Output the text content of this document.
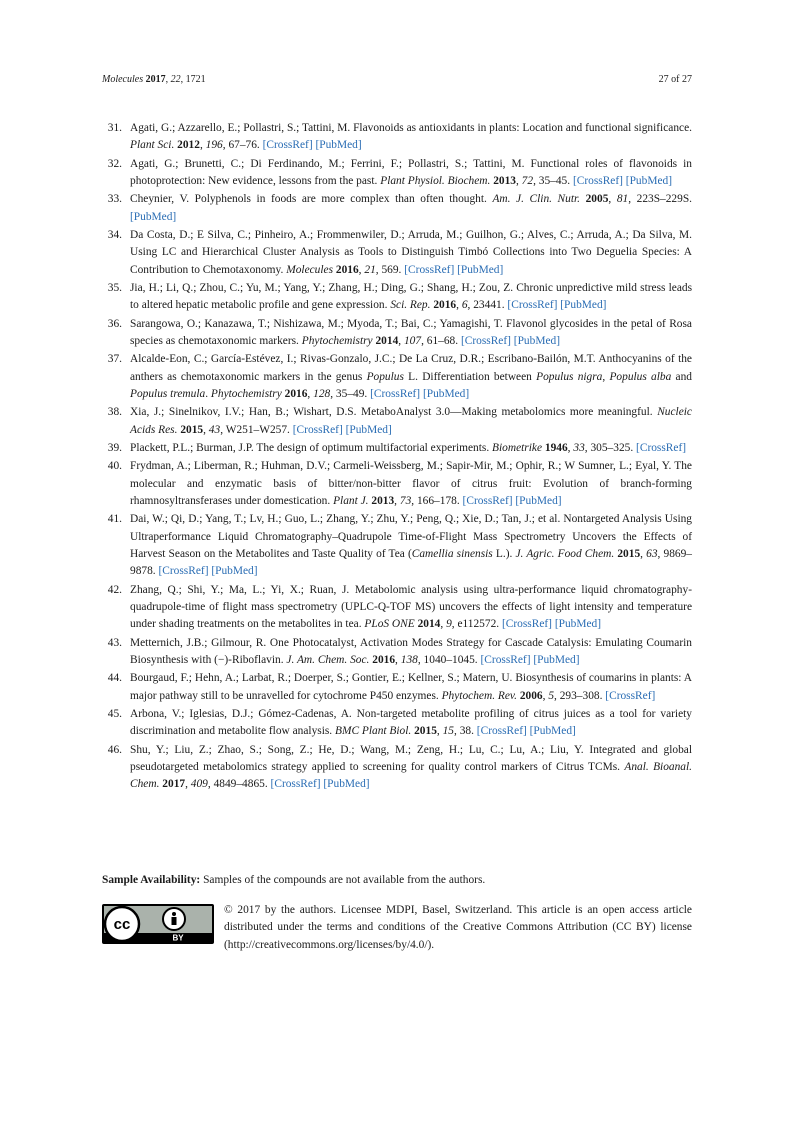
Molecules 2017, 22, 1721	27 of 27
31. Agati, G.; Azzarello, E.; Pollastri, S.; Tattini, M. Flavonoids as antioxidants in plants: Location and functional significance. Plant Sci. 2012, 196, 67–76. [CrossRef] [PubMed]
32. Agati, G.; Brunetti, C.; Di Ferdinando, M.; Ferrini, F.; Pollastri, S.; Tattini, M. Functional roles of flavonoids in photoprotection: New evidence, lessons from the past. Plant Physiol. Biochem. 2013, 72, 35–45. [CrossRef] [PubMed]
33. Cheynier, V. Polyphenols in foods are more complex than often thought. Am. J. Clin. Nutr. 2005, 81, 223S–229S. [PubMed]
34. Da Costa, D.; E Silva, C.; Pinheiro, A.; Frommenwiler, D.; Arruda, M.; Guilhon, G.; Alves, C.; Arruda, A.; Da Silva, M. Using LC and Hierarchical Cluster Analysis as Tools to Distinguish Timbó Collections into Two Deguelia Species: A Contribution to Chemotaxonomy. Molecules 2016, 21, 569. [CrossRef] [PubMed]
35. Jia, H.; Li, Q.; Zhou, C.; Yu, M.; Yang, Y.; Zhang, H.; Ding, G.; Shang, H.; Zou, Z. Chronic unpredictive mild stress leads to altered hepatic metabolic profile and gene expression. Sci. Rep. 2016, 6, 23441. [CrossRef] [PubMed]
36. Sarangowa, O.; Kanazawa, T.; Nishizawa, M.; Myoda, T.; Bai, C.; Yamagishi, T. Flavonol glycosides in the petal of Rosa species as chemotaxonomic markers. Phytochemistry 2014, 107, 61–68. [CrossRef] [PubMed]
37. Alcalde-Eon, C.; García-Estévez, I.; Rivas-Gonzalo, J.C.; De La Cruz, D.R.; Escribano-Bailón, M.T. Anthocyanins of the anthers as chemotaxonomic markers in the genus Populus L. Differentiation between Populus nigra, Populus alba and Populus tremula. Phytochemistry 2016, 128, 35–49. [CrossRef] [PubMed]
38. Xia, J.; Sinelnikov, I.V.; Han, B.; Wishart, D.S. MetaboAnalyst 3.0—Making metabolomics more meaningful. Nucleic Acids Res. 2015, 43, W251–W257. [CrossRef] [PubMed]
39. Plackett, P.L.; Burman, J.P. The design of optimum multifactorial experiments. Biometrike 1946, 33, 305–325. [CrossRef]
40. Frydman, A.; Liberman, R.; Huhman, D.V.; Carmeli-Weissberg, M.; Sapir-Mir, M.; Ophir, R.; W Sumner, L.; Eyal, Y. The molecular and enzymatic basis of bitter/non-bitter flavor of citrus fruit: Evolution of branch-forming rhamnosyltransferases under domestication. Plant J. 2013, 73, 166–178. [CrossRef] [PubMed]
41. Dai, W.; Qi, D.; Yang, T.; Lv, H.; Guo, L.; Zhang, Y.; Zhu, Y.; Peng, Q.; Xie, D.; Tan, J.; et al. Nontargeted Analysis Using Ultraperformance Liquid Chromatography–Quadrupole Time-of-Flight Mass Spectrometry Uncovers the Effects of Harvest Season on the Metabolites and Taste Quality of Tea (Camellia sinensis L.). J. Agric. Food Chem. 2015, 63, 9869–9878. [CrossRef] [PubMed]
42. Zhang, Q.; Shi, Y.; Ma, L.; Yi, X.; Ruan, J. Metabolomic analysis using ultra-performance liquid chromatography-quadrupole-time of flight mass spectrometry (UPLC-Q-TOF MS) uncovers the effects of light intensity and temperature under shading treatments on the metabolites in tea. PLoS ONE 2014, 9, e112572. [CrossRef] [PubMed]
43. Metternich, J.B.; Gilmour, R. One Photocatalyst, Activation Modes Strategy for Cascade Catalysis: Emulating Coumarin Biosynthesis with (−)-Riboflavin. J. Am. Chem. Soc. 2016, 138, 1040–1045. [CrossRef] [PubMed]
44. Bourgaud, F.; Hehn, A.; Larbat, R.; Doerper, S.; Gontier, E.; Kellner, S.; Matern, U. Biosynthesis of coumarins in plants: A major pathway still to be unravelled for cytochrome P450 enzymes. Phytochem. Rev. 2006, 5, 293–308. [CrossRef]
45. Arbona, V.; Iglesias, D.J.; Gómez-Cadenas, A. Non-targeted metabolite profiling of citrus juices as a tool for variety discrimination and metabolite flow analysis. BMC Plant Biol. 2015, 15, 38. [CrossRef] [PubMed]
46. Shu, Y.; Liu, Z.; Zhao, S.; Song, Z.; He, D.; Wang, M.; Zeng, H.; Lu, C.; Lu, A.; Liu, Y. Integrated and global pseudotargeted metabolomics strategy applied to screening for quality control markers of Citrus TCMs. Anal. Bioanal. Chem. 2017, 409, 4849–4865. [CrossRef] [PubMed]
Sample Availability: Samples of the compounds are not available from the authors.
cc
BY
© 2017 by the authors. Licensee MDPI, Basel, Switzerland. This article is an open access article distributed under the terms and conditions of the Creative Commons Attribution (CC BY) license (http://creativecommons.org/licenses/by/4.0/).
